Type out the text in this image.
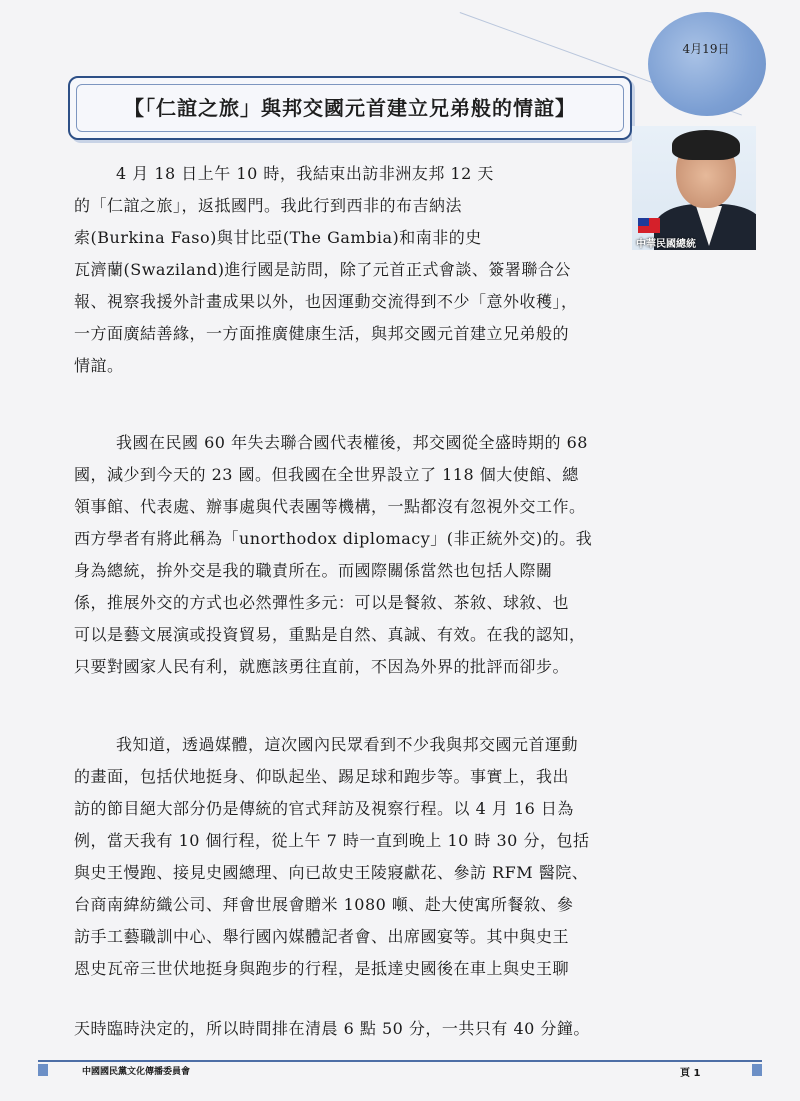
4月19日
【「仁誼之旅」與邦交國元首建立兄弟般的情誼】
中華民國總統
4 月 18 日上午 10 時，我結束出訪非洲友邦 12 天
的「仁誼之旅」，返抵國門。我此行到西非的布吉納法
索(Burkina Faso)與甘比亞(The Gambia)和南非的史
瓦濟蘭(Swaziland)進行國是訪問，除了元首正式會談、簽署聯合公
報、視察我援外計畫成果以外，也因運動交流得到不少「意外收穫」，
一方面廣結善緣，一方面推廣健康生活，與邦交國元首建立兄弟般的
情誼。
我國在民國 60 年失去聯合國代表權後，邦交國從全盛時期的 68
國，減少到今天的 23 國。但我國在全世界設立了 118 個大使館、總
領事館、代表處、辦事處與代表團等機構，一點都沒有忽視外交工作。
西方學者有將此稱為「unorthodox diplomacy」(非正統外交)的。我
身為總統，拚外交是我的職責所在。而國際關係當然也包括人際關
係，推展外交的方式也必然彈性多元：可以是餐敘、茶敘、球敘、也
可以是藝文展演或投資貿易，重點是自然、真誠、有效。在我的認知，
只要對國家人民有利，就應該勇往直前，不因為外界的批評而卻步。
我知道，透過媒體，這次國內民眾看到不少我與邦交國元首運動
的畫面，包括伏地挺身、仰臥起坐、踢足球和跑步等。事實上，我出
訪的節目絕大部分仍是傳統的官式拜訪及視察行程。以 4 月 16 日為
例，當天我有 10 個行程，從上午 7 時一直到晚上 10 時 30 分，包括
與史王慢跑、接見史國總理、向已故史王陵寢獻花、參訪 RFM 醫院、
台商南緯紡織公司、拜會世展會贈米 1080 噸、赴大使寓所餐敘、參
訪手工藝職訓中心、舉行國內媒體記者會、出席國宴等。其中與史王
恩史瓦帝三世伏地挺身與跑步的行程，是抵達史國後在車上與史王聊
天時臨時決定的，所以時間排在清晨 6 點 50 分，一共只有 40 分鐘。
中國國民黨文化傳播委員會	頁 1
